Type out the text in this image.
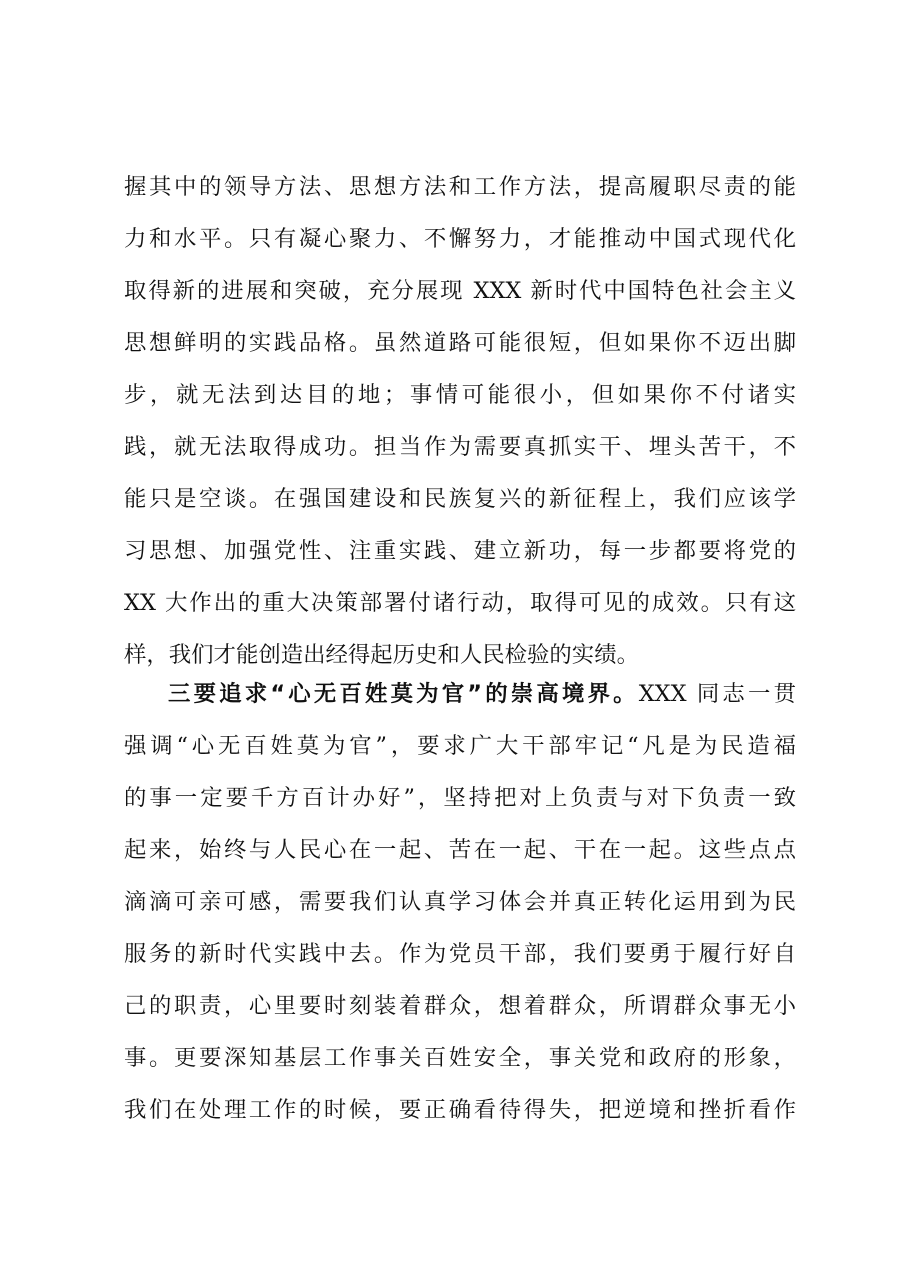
握其中的领导方法、思想方法和工作方法，提高履职尽责的能
力和水平。只有凝心聚力、不懈努力，才能推动中国式现代化
取得新的进展和突破，充分展现 XXX 新时代中国特色社会主义
思想鲜明的实践品格。虽然道路可能很短，但如果你不迈出脚
步，就无法到达目的地；事情可能很小，但如果你不付诸实
践，就无法取得成功。担当作为需要真抓实干、埋头苦干，不
能只是空谈。在强国建设和民族复兴的新征程上，我们应该学
习思想、加强党性、注重实践、建立新功，每一步都要将党的
XX 大作出的重大决策部署付诸行动，取得可见的成效。只有这
样，我们才能创造出经得起历史和人民检验的实绩。
三要追求“心无百姓莫为官”的崇高境界。XXX 同志一贯
强调“心无百姓莫为官”，要求广大干部牢记“凡是为民造福
的事一定要千方百计办好”，坚持把对上负责与对下负责一致
起来，始终与人民心在一起、苦在一起、干在一起。这些点点
滴滴可亲可感，需要我们认真学习体会并真正转化运用到为民
服务的新时代实践中去。作为党员干部，我们要勇于履行好自
己的职责，心里要时刻装着群众，想着群众，所谓群众事无小
事。更要深知基层工作事关百姓安全，事关党和政府的形象，
我们在处理工作的时候，要正确看待得失，把逆境和挫折看作
